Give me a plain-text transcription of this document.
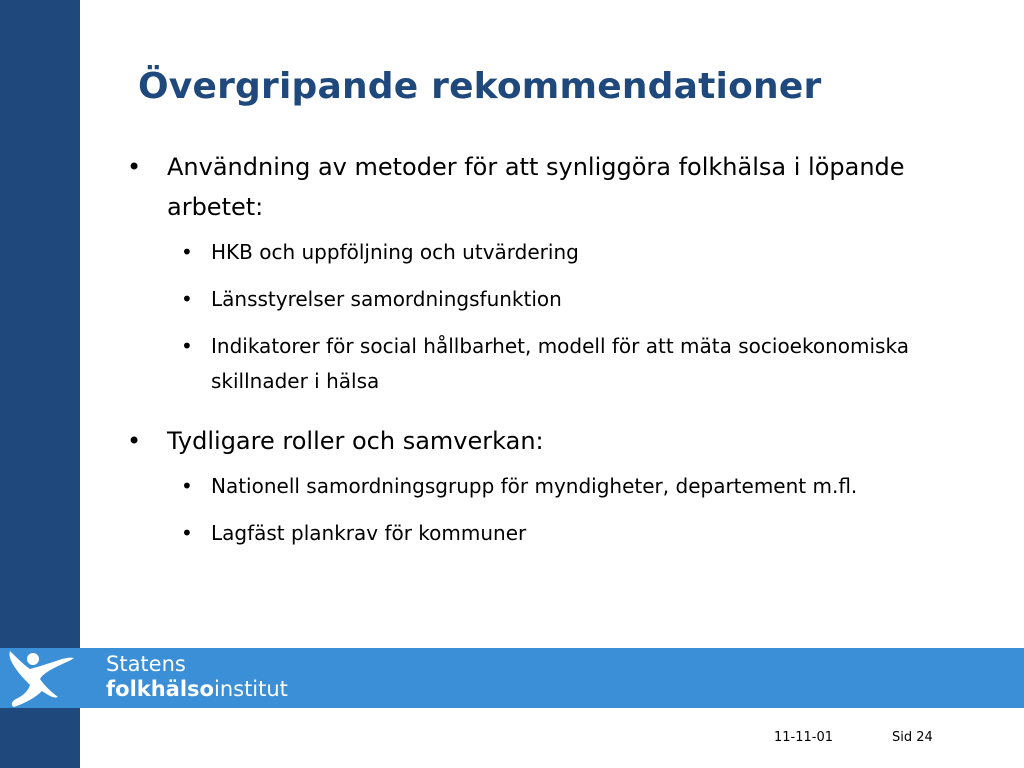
Övergripande rekommendationer
•	Användning av metoder för att synliggöra folkhälsa i löpande arbetet:
• HKB och uppföljning och utvärdering
• Länsstyrelser samordningsfunktion
• Indikatorer för social hållbarhet, modell för att mäta socioekonomiska skillnader i hälsa
•	Tydligare roller och samverkan:
• Nationell samordningsgrupp för myndigheter, departement m.fl.
• Lagfäst plankrav för kommuner
Statens
folkhälsoinstitut
11-11-01	Sid 24
